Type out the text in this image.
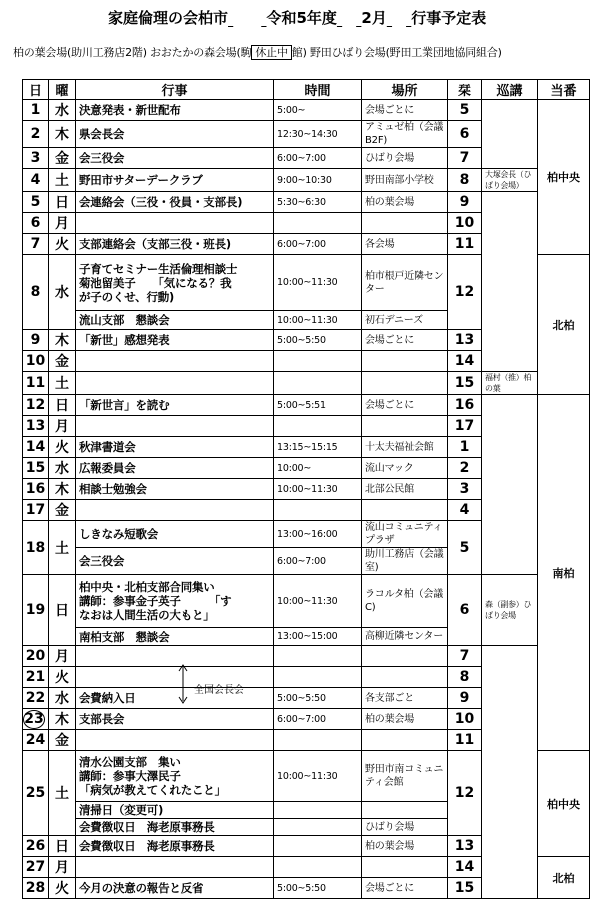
家庭倫理の会柏市	令和5年度 2月 行事予定表
柏の葉会場(助川工務店2階) おおたかの森会場(駒 休止中 館) 野田ひばり会場(野田工業団地協同組合)
日	曜	行事	時間	場所	栞	巡講	当番
1	水	決意発表・新世配布	5:00~	会場ごとに	5		柏中央
2	木	県会長会	12:30~14:30	アミュゼ柏（会議B2F)	6		
3	金	会三役会	6:00~7:00	ひばり会場	7		
4	土	野田市サターデークラブ	9:00~10:30	野田南部小学校	8	大塚会長（ひばり会場）	
5	日	会連絡会（三役・役員・支部長)	5:30~6:30	柏の葉会場	9		
6	月				10		
7	火	支部連絡会（支部三役・班長)	6:00~7:00	各会場	11		
8	水	子育てセミナー生活倫理相談士
菊池留美子　　「気になる？我
が子のくせ、行動)	10:00~11:30	柏市根戸近隣センター	12		北柏
		流山支部　懇談会	10:00~11:30	初石デニーズ			
9	木	「新世」感想発表	5:00~5:50	会場ごとに	13		
10	金				14		
11	土				15	福村（推）柏の葉	
12	日	「新世言」を読む	5:00~5:51	会場ごとに	16		南柏
13	月				17		
14	火	秋津書道会	13:15~15:15	十太夫福祉会館	1		
15	水	広報委員会	10:00~	流山マック	2		
16	木	相談士勉強会	10:00~11:30	北部公民館	3		
17	金				4		
18	土	しきなみ短歌会	13:00~16:00	流山コミュニティプラザ	5		
		会三役会	6:00~7:00	助川工務店（会議室)			
19	日	柏中央・北柏支部合同集い
講師：参事金子英子　　　「す
なおは人間生活の大もと」	10:00~11:30	ラコルタ柏（会議C)	6	森（副参）ひばり会場	
		南柏支部　懇談会	13:00~15:00	高柳近隣センター			
20	月				7		
21	火				8		
22	水	会費納入日	5:00~5:50	各支部ごと	9		
23	木	支部長会	6:00~7:00	柏の葉会場	10		
24	金				11		
25	土	清水公園支部　集い
講師：参事大澤民子
「病気が教えてくれたこと」	10:00~11:30	野田市南コミュニティ会館	12		柏中央
		清掃日（変更可)					
		会費徴収日　海老原事務長		ひばり会場			
26	日	会費徴収日　海老原事務長		柏の葉会場	13		
27	月				14		北柏
28	火	今月の決意の報告と反省	5:00~5:50	会場ごとに	15		
全国会長会
